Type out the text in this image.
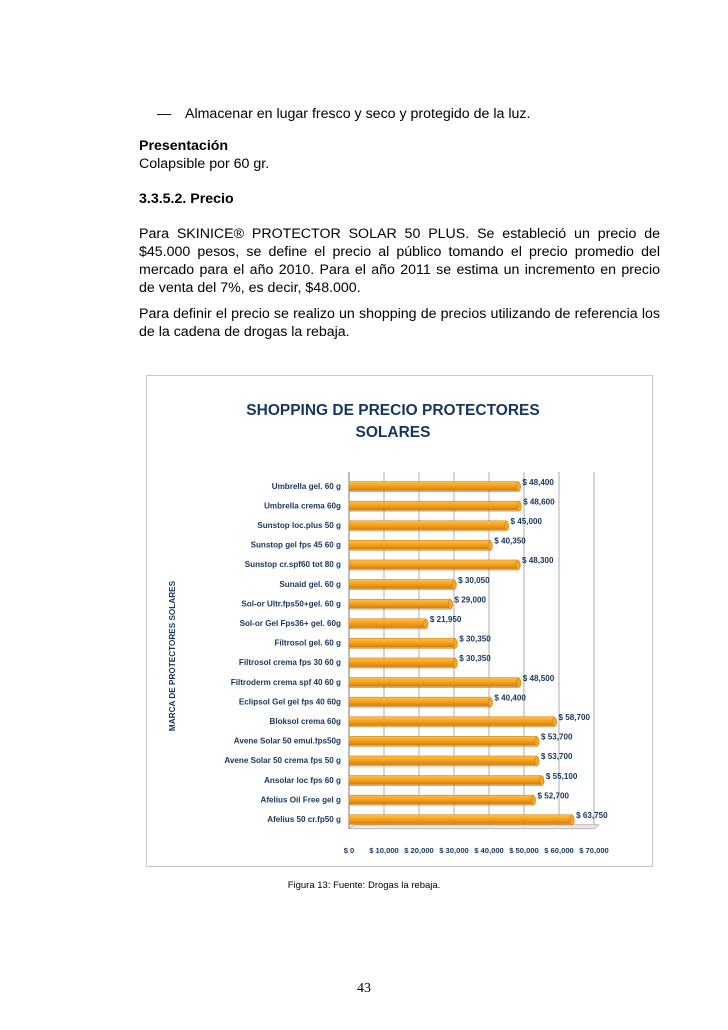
— Almacenar en lugar fresco y seco y protegido de la luz.

Presentación

Colapsible por 60 gr.

3.3.5.2. Precio

Para SKINICE® PROTECTOR SOLAR 50 PLUS. Se estableció un precio de $45.000 pesos, se define el precio al público tomando el precio promedio del mercado para el año 2010. Para el año 2011 se estima un incremento en precio de venta del 7%, es decir, $48.000.

Para definir el precio se realizo un shopping de precios utilizando de referencia los de la cadena de drogas la rebaja.

SHOPPING DE PRECIO PROTECTORES
SOLARES
MARCA DE PROTECTORES SOLARES
Umbrella gel. 60 g	$ 48,400
Umbrella crema 60g	$ 48,600
Sunstop loc.plus 50 g	$ 45,000
Sunstop gel fps 45 60 g	$ 40,350
Sunstop cr.spf60 tot 80 g	$ 48,300
Sunaid gel. 60 g	$ 30,050
Sol-or Ultr.fps50+gel. 60 g	$ 29,000
Sol-or Gel Fps36+ gel. 60g	$ 21,950
Filtrosol gel. 60 g	$ 30,350
Filtrosol crema fps 30 60 g	$ 30,350
Filtroderm crema spf 40 60 g	$ 48,500
Eclipsol Gel gel fps 40 60g	$ 40,400
Bloksol crema 60g	$ 58,700
Avene Solar 50 emul.fps50g	$ 53,700
Avene Solar 50 crema fps 50 g	$ 53,700
Ansolar loc fps 60 g	$ 55,100
Afelius Oil Free gel g	$ 52,700
Afelius 50 cr.fp50 g	$ 63,750
$ 0 $ 10,000 $ 20,000 $ 30,000 $ 40,000 $ 50,000 $ 60,000 $ 70,000
Figura 13: Fuente: Drogas la rebaja.
43
